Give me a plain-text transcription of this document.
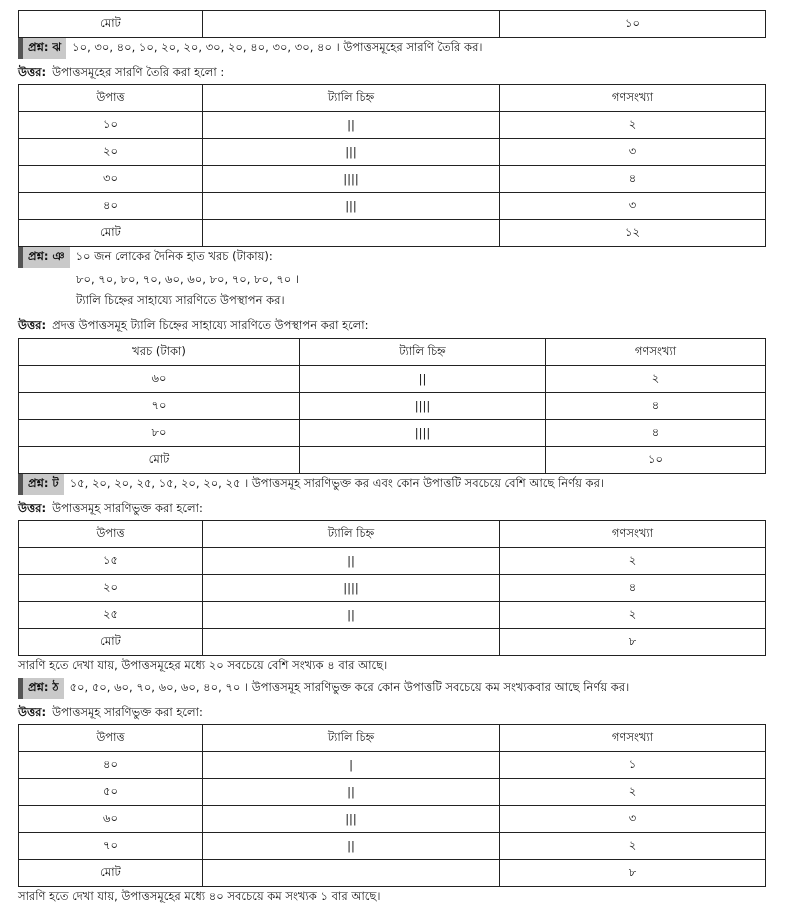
মোট		১০
প্রশ্ন: ঝ ১০, ৩০, ৪০, ১০, ২০, ২০, ৩০, ২০, ৪০, ৩০, ৩০, ৪০ । উপাত্তসমূহের সারণি তৈরি কর।
উত্তর: উপাত্তসমূহের সারণি তৈরি করা হলো :
উপাত্ত	ট্যালি চিহ্ন	গণসংখ্যা
১০	||	২
২০	|||	৩
৩০	||||	৪
৪০	|||	৩
মোট		১২
প্রশ্ন: ঞ ১০ জন লোকের দৈনিক হাত খরচ (টাকায়):
৮০, ৭০, ৮০, ৭০, ৬০, ৬০, ৮০, ৭০, ৮০, ৭০ ।
ট্যালি চিহ্নের সাহায্যে সারণিতে উপস্থাপন কর।
উত্তর: প্রদত্ত উপাত্তসমূহ ট্যালি চিহ্নের সাহায্যে সারণিতে উপস্থাপন করা হলো:
খরচ (টাকা)	ট্যালি চিহ্ন	গণসংখ্যা
৬০	||	২
৭০	||||	৪
৮০	||||	৪
মোট		১০
প্রশ্ন: ট ১৫, ২০, ২০, ২৫, ১৫, ২০, ২০, ২৫ । উপাত্তসমূহ সারণিভুক্ত কর এবং কোন উপাত্তটি সবচেয়ে বেশি আছে নির্ণয় কর।
উত্তর: উপাত্তসমূহ সারণিভুক্ত করা হলো:
উপাত্ত	ট্যালি চিহ্ন	গণসংখ্যা
১৫	||	২
২০	||||	৪
২৫	||	২
মোট		৮
সারণি হতে দেখা যায়, উপাত্তসমূহের মধ্যে ২০ সবচেয়ে বেশি সংখ্যক ৪ বার আছে।
প্রশ্ন: ঠ ৫০, ৫০, ৬০, ৭০, ৬০, ৬০, ৪০, ৭০ । উপাত্তসমূহ সারণিভুক্ত করে কোন উপাত্তটি সবচেয়ে কম সংখ্যকবার আছে নির্ণয় কর।
উত্তর: উপাত্তসমূহ সারণিভুক্ত করা হলো:
উপাত্ত	ট্যালি চিহ্ন	গণসংখ্যা
৪০	|	১
৫০	||	২
৬০	|||	৩
৭০	||	২
মোট		৮
সারণি হতে দেখা যায়, উপাত্তসমূহের মধ্যে ৪০ সবচেয়ে কম সংখ্যক ১ বার আছে।
